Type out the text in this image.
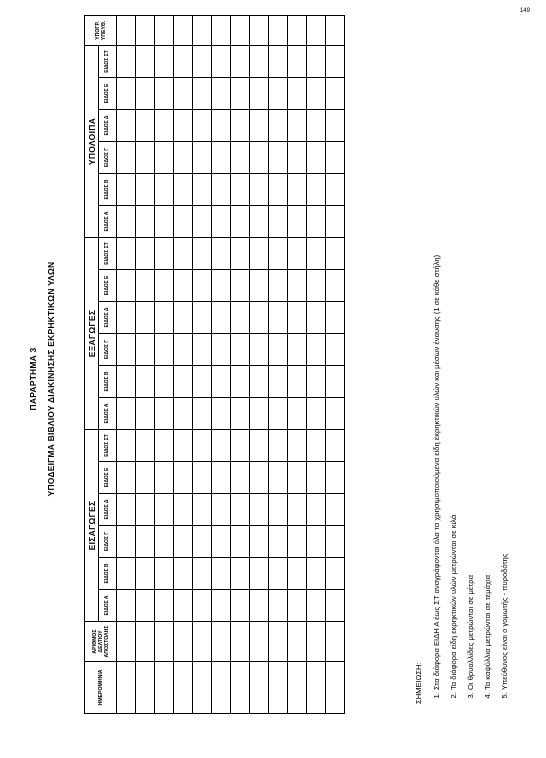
ΠΑΡΑΡΤΗΜΑ 3 ΥΠΟΔΕΙΓΜΑ ΒΙΒΛΙΟΥ ΔΙΑΚΙΝΗΣΗΣ ΕΚΡΗΚΤΙΚΩΝ ΥΛΩΝ
ΗΜΕΡΟΜΗΝΙΑ	ΑΡΙΘΜΟΣ ΔΕΛΤΙΟΥ ΑΠΟΣΤΟΛΗΣ	ΕΙΣΑΓΩΓΕΣ						ΕΞΑΓΩΓΕΣ						ΥΠΟΛΟΙΠΑ						ΥΠΟΓΡ. ΥΠΕΥΘ.
		ΕΙΔΟΣ Α	ΕΙΔΟΣ Β	ΕΙΔΟΣ Γ	ΕΙΔΟΣ Δ	ΕΙΔΟΣ Ε	ΕΙΔΟΣ ΣΤ	ΕΙΔΟΣ Α	ΕΙΔΟΣ Β	ΕΙΔΟΣ Γ	ΕΙΔΟΣ Δ	ΕΙΔΟΣ Ε	ΕΙΔΟΣ ΣΤ	ΕΙΔΟΣ Α	ΕΙΔΟΣ Β	ΕΙΔΟΣ Γ	ΕΙΔΟΣ Δ	ΕΙΔΟΣ Ε	ΕΙΔΟΣ ΣΤ	

ΣΗΜΕΙΩΣΗ:	1. Στα διάφορα ΕΙΔΗ Α έως ΣΤ αναγράφονται όλα τα χρησιμοποιούμενα είδη εκρηκτικών υλών και μέσων έναυσης (1 σε κάθε στήλη)	2. Τα διάφορα είδη εκρηκτικών υλών μετρώνται σε κιλά	3. Οι θρυαλλίδες μετρώνται σε μέτρα	4. Τα καψύλλια μετρώνται σε τεμάχια	5. Υπεύθυνος είναι ο γομωτής - πυροδότης
149
